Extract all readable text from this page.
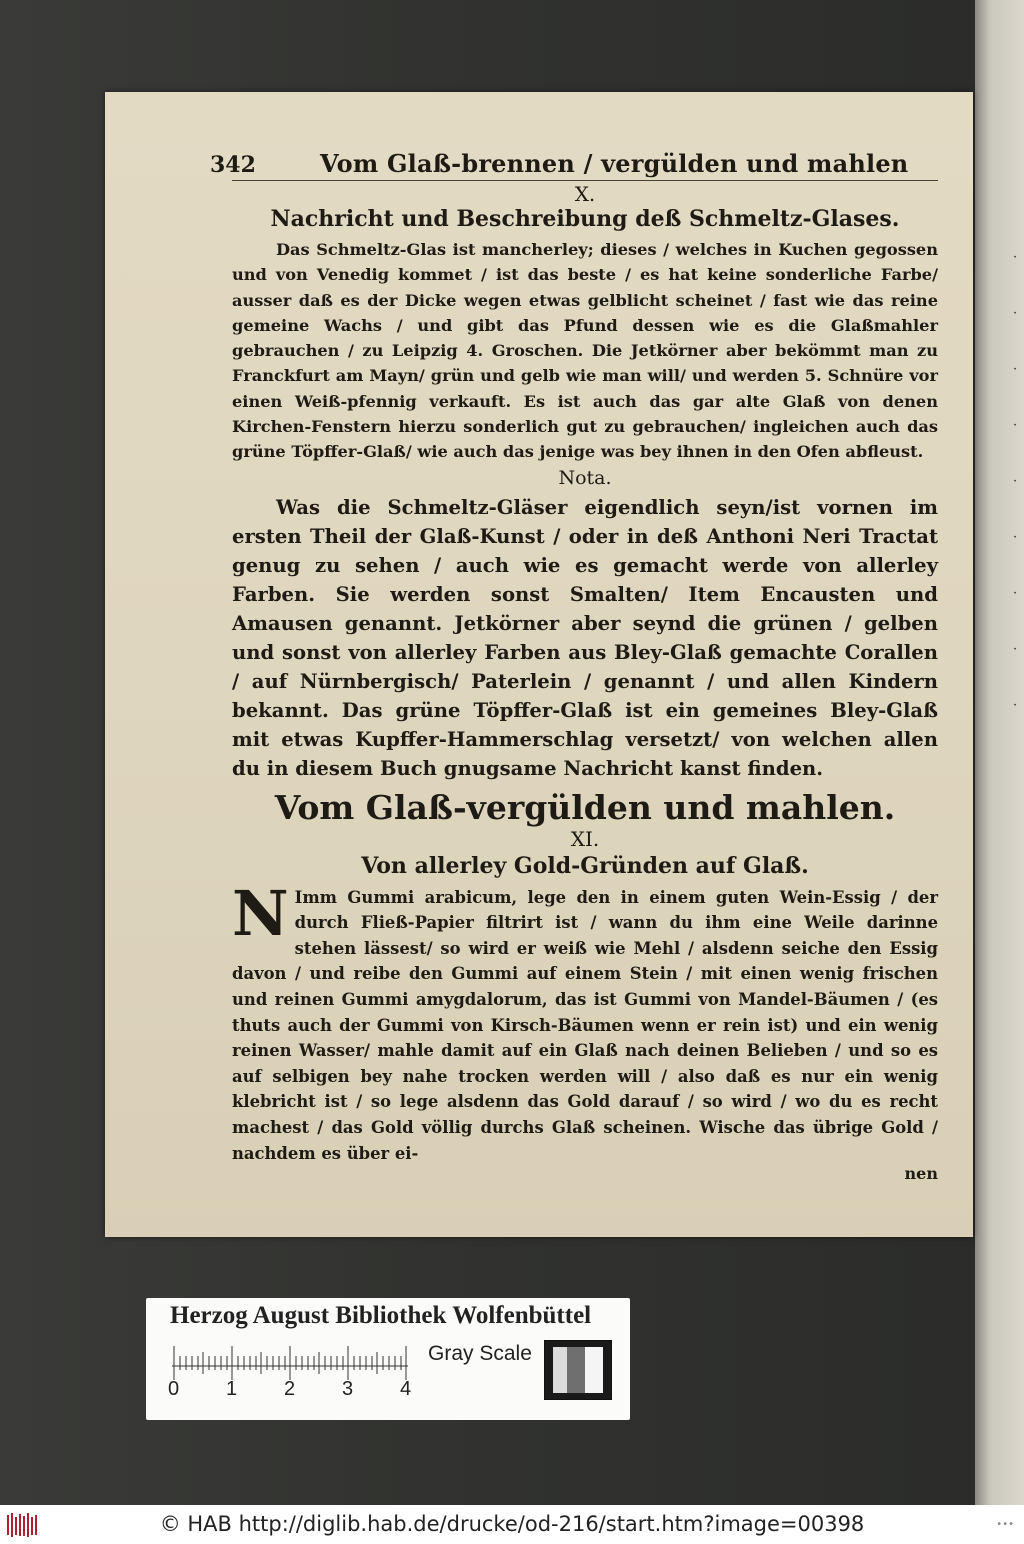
·
·
·
·
·
·
·
·
·
342	Vom Glaß-brennen / vergülden und mahlen
X.
Nachricht und Beschreibung deß Schmeltz-Glases.

Das Schmeltz-Glas ist mancherley; dieses / welches in Kuchen gegossen und von Venedig kommet / ist das beste / es hat keine sonderliche Farbe/ ausser daß es der Dicke wegen etwas gelblicht scheinet / fast wie das reine gemeine Wachs / und gibt das Pfund dessen wie es die Glaßmahler gebrauchen / zu Leipzig 4. Groschen. Die Jetkörner aber bekömmt man zu Franckfurt am Mayn/ grün und gelb wie man will/ und werden 5. Schnüre vor einen Weiß-pfennig verkauft. Es ist auch das gar alte Glaß von denen Kirchen-Fenstern hierzu sonderlich gut zu gebrauchen/ ingleichen auch das grüne Töpffer-Glaß/ wie auch das jenige was bey ihnen in den Ofen abfleust.

Nota.

Was die Schmeltz-Gläser eigendlich seyn/ist vornen im ersten Theil der Glaß-Kunst / oder in deß Anthoni Neri Tractat genug zu sehen / auch wie es gemacht werde von allerley Farben. Sie werden sonst Smalten/ Item Encausten und Amausen genannt. Jetkörner aber seynd die grünen / gelben und sonst von allerley Farben aus Bley-Glaß gemachte Corallen / auf Nürnbergisch/ Paterlein / genannt / und allen Kindern bekannt. Das grüne Töpffer-Glaß ist ein gemeines Bley-Glaß mit etwas Kupffer-Hammerschlag versetzt/ von welchen allen du in diesem Buch gnugsame Nachricht kanst finden.

Vom Glaß-vergülden und mahlen.
XI.
Von allerley Gold-Gründen auf Glaß.

N Imm Gummi arabicum, lege den in einem guten Wein-Essig / der durch Fließ-Papier filtrirt ist / wann du ihm eine Weile darinne stehen lässest/ so wird er weiß wie Mehl / alsdenn seiche den Essig davon / und reibe den Gummi auf einem Stein / mit einen wenig frischen und reinen Gummi amygdalorum, das ist Gummi von Mandel-Bäumen / (es thuts auch der Gummi von Kirsch-Bäumen wenn er rein ist) und ein wenig reinen Wasser/ mahle damit auf ein Glaß nach deinen Belieben / und so es auf selbigen bey nahe trocken werden will / also daß es nur ein wenig klebricht ist / so lege alsdenn das Gold darauf / so wird / wo du es recht machest / das Gold völlig durchs Glaß scheinen. Wische das übrige Gold / nachdem es über ei-

nen
Herzog August Bibliothek Wolfenbüttel
0 1 2 3 4
Gray Scale
© HAB http://diglib.hab.de/drucke/od-216/start.htm?image=00398	•••
